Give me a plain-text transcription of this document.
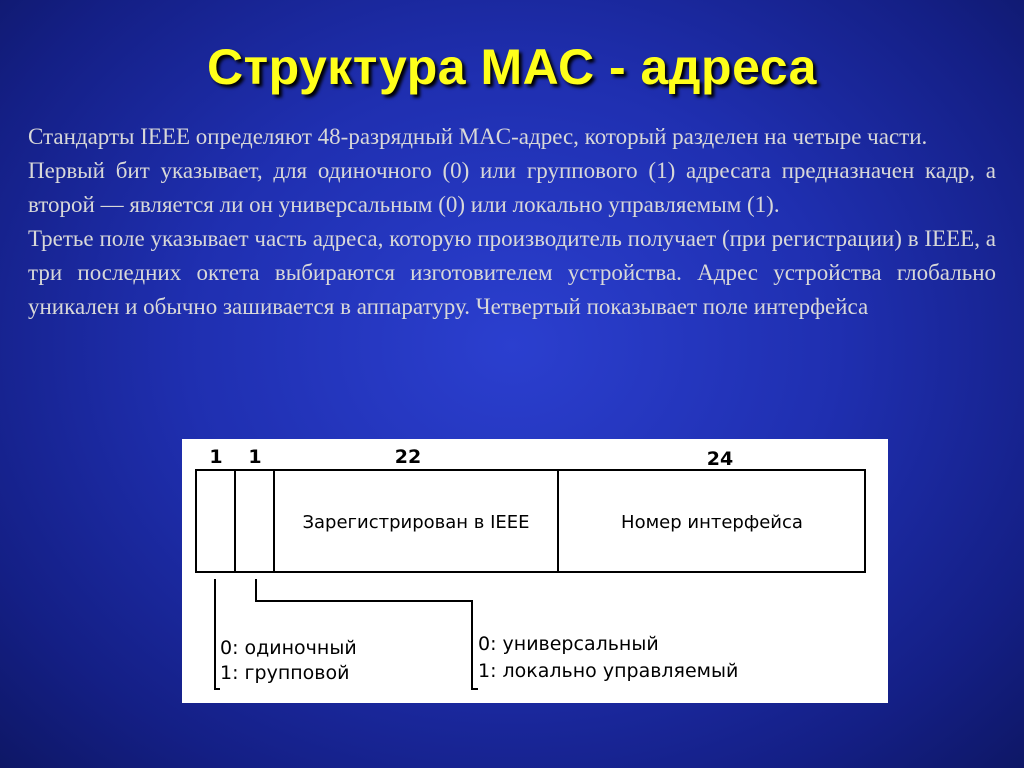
Структура МАС - адреса

Стандарты IEEE определяют 48-разрядный MAC-адрес, который разделен на четыре части.

Первый бит указывает, для одиночного (0) или группового (1) адресата предназначен кадр, а второй — является ли он универсальным (0) или локально управляемым (1).

Третье поле указывает часть адреса, которую производитель получает (при регистрации) в IEEE, а три последних октета выбираются изготовителем устройства. Адрес устройства глобально уникален и обычно зашивается в аппаратуру. Четвертый показывает поле интерфейса

1 1	22	24
Зарегистрирован в IEEE	Номер интерфейса
0: одиночный
1: групповой
0: универсальный
1: локально управляемый
